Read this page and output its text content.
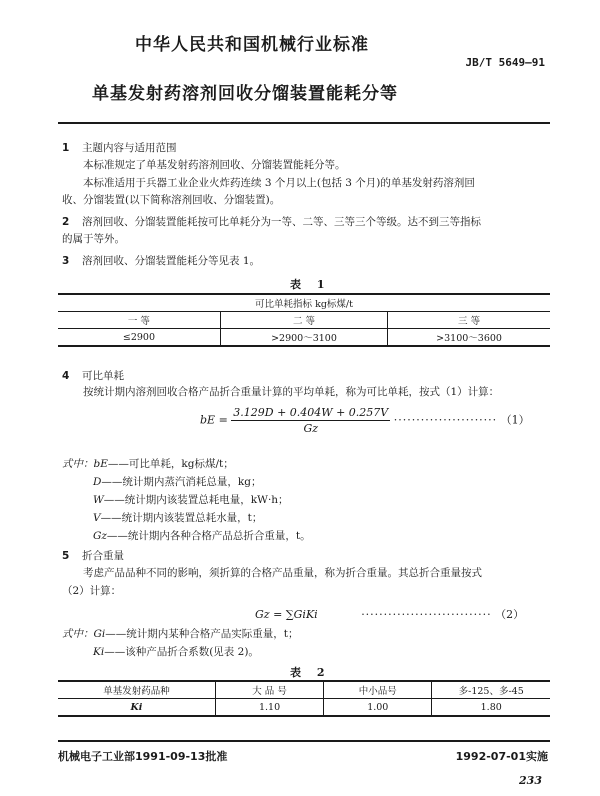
中华人民共和国机械行业标准
JB/T 5649—91
单基发射药溶剂回收分馏装置能耗分等
1 主题内容与适用范围
本标准规定了单基发射药溶剂回收、分馏装置能耗分等。
本标准适用于兵器工业企业火炸药连续 3 个月以上(包括 3 个月)的单基发射药溶剂回
收、分馏装置(以下简称溶剂回收、分馏装置)。
2 溶剂回收、分馏装置能耗按可比单耗分为一等、二等、三等三个等级。达不到三等指标
的属于等外。
3 溶剂回收、分馏装置能耗分等见表 1。
表 1
可比单耗指标 kg标煤/t		
一 等	二 等	三 等
≤2900	>2900～3100	>3100～3600
4 可比单耗
按统计期内溶剂回收合格产品折合重量计算的平均单耗，称为可比单耗，按式（1）计算：
bE = $\frac{3.129D + 0.404W + 0.257V}{Gz}$ ······················· （1）
式中：bE——可比单耗，kg标煤/t；
D——统计期内蒸汽消耗总量，kg；
W——统计期内该装置总耗电量，kW·h；
V——统计期内该装置总耗水量，t；
Gz——统计期内各种合格产品总折合重量，t。
5 折合重量
考虑产品品种不同的影响，须折算的合格产品重量，称为折合重量。其总折合重量按式
（2）计算：
Gz = ∑GiKi	····························· （2）
式中：Gi——统计期内某种合格产品实际重量，t；
Ki——该种产品折合系数(见表 2)。
表 2
单基发射药品种	大 品 号	中小品号	多-125、多-45
Ki	1.10	1.00	1.80
机械电子工业部1991-09-13批准	1992-07-01实施
233
